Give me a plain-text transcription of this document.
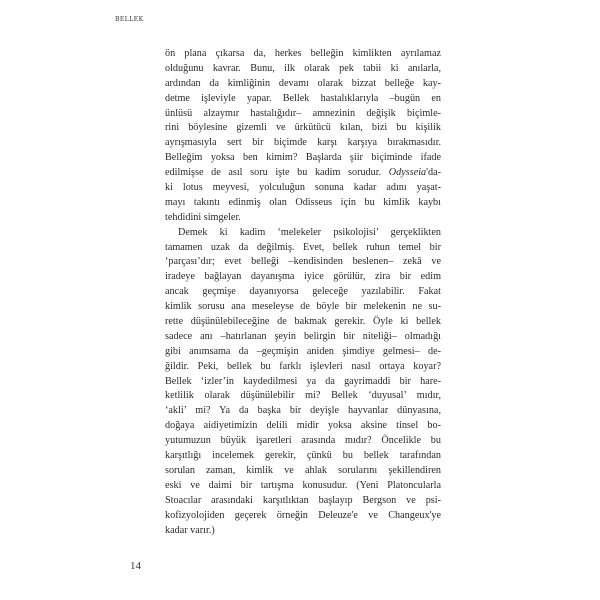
BELLEK
ön plana çıkarsa da, herkes belleğin kimlikten ayrılamaz
olduğunu kavrar. Bunu, ilk olarak pek tabii ki anılarla,
ardından da kimliğinin devamı olarak bizzat belleğe kay-
detme işleviyle yapar. Bellek hastalıklarıyla –bugün en
ünlüsü alzaymır hastalığıdır– amnezinin değişik biçimle-
rini böylesine gizemli ve ürkütücü kılan, bizi bu kişilik
ayrışmasıyla sert bir biçimde karşı karşıya bırakmasıdır.
Belleğim yoksa ben kimim? Başlarda şiir biçiminde ifade
edilmişse de asıl soru işte bu kadim sorudur. Odysseia'da-
ki lotus meyvesi, yolculuğun sonuna kadar adını yaşat-
mayı takıntı edinmiş olan Odisseus için bu kimlik kaybı
tehdidini simgeler.
Demek ki kadim ‘melekeler psikolojisi’ gerçeklikten
tamamen uzak da değilmiş. Evet, bellek ruhun temel bir
‘parçası’dır; evet belleği –kendisinden beslenen– zekâ ve
iradeye bağlayan dayanışma iyice görülür, zira bir edim
ancak geçmişe dayanıyorsa geleceğe yazılabilir. Fakat
kimlik sorusu ana meseleyse de böyle bir melekenin ne su-
rette düşünülebileceğine de bakmak gerekir. Öyle ki bellek
sadece anı –hatırlanan şeyin belirgin bir niteliği– olmadığı
gibi anımsama da –geçmişin aniden şimdiye gelmesi– de-
ğildir. Peki, bellek bu farklı işlevleri nasıl ortaya koyar?
Bellek ‘izler’in kaydedilmesi ya da gayrimaddi bir hare-
ketlilik olarak düşünülebilir mi? Bellek ‘duyusal’ mıdır,
‘akli’ mi? Ya da başka bir deyişle hayvanlar dünyasına,
doğaya aidiyetimizin delili midir yoksa aksine tinsel bo-
yutumuzun büyük işaretleri arasında mıdır? Öncelikle bu
karşıtlığı incelemek gerekir, çünkü bu bellek tarafından
sorulan zaman, kimlik ve ahlak sorularını şekillendiren
eski ve daimi bir tartışma konusudur. (Yeni Platoncularla
Stoacılar arasındaki karşıtlıktan başlayıp Bergson ve psi-
kofizyolojiden geçerek örneğin Deleuze'e ve Changeux'ye
kadar varır.)
14
